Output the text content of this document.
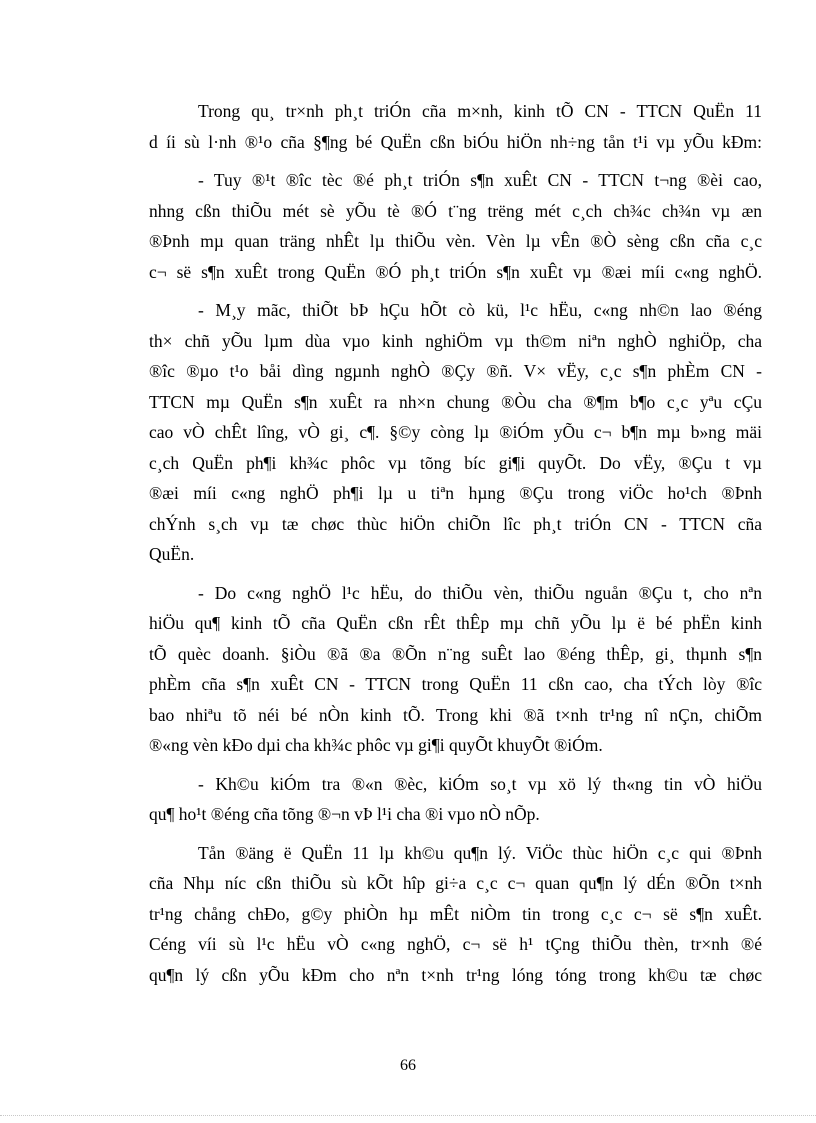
Trong qu¸ tr×nh ph¸t triÓn cña m×nh, kinh tÕ CN - TTCN QuËn 11
d íi sù l·nh ®¹o cña §¶ng bé QuËn cßn biÓu hiÖn nh÷ng tån t¹i vµ yÕu kÐm:
- Tuy ®¹t ®îc tèc ®é ph¸t triÓn s¶n xuÊt CN - TTCN t¬ng ®èi cao,
nhng cßn thiÕu mét sè yÕu tè ®Ó t¨ng trëng mét c¸ch ch¾c ch¾n vµ æn
®Þnh mµ quan träng nhÊt lµ thiÕu vèn. Vèn lµ vÊn ®Ò sèng cßn cña c¸c
c¬ së s¶n xuÊt trong QuËn ®Ó ph¸t triÓn s¶n xuÊt vµ ®æi míi c«ng nghÖ.
- M¸y mãc, thiÕt bÞ hÇu hÕt cò kü, l¹c hËu, c«ng nh©n lao ®éng
th× chñ yÕu lµm dùa vµo kinh nghiÖm vµ th©m niªn nghÒ nghiÖp, cha
®îc ®µo t¹o båi dìng ngµnh nghÒ ®Çy ®ñ. V× vËy, c¸c s¶n phÈm CN -
TTCN mµ QuËn s¶n xuÊt ra nh×n chung ®Òu cha ®¶m b¶o c¸c yªu cÇu
cao vÒ chÊt lîng, vÒ gi¸ c¶. §©y còng lµ ®iÓm yÕu c¬ b¶n mµ b»ng mäi
c¸ch QuËn ph¶i kh¾c phôc vµ tõng bíc gi¶i quyÕt. Do vËy, ®Çu t vµ
®æi míi c«ng nghÖ ph¶i lµ u tiªn hµng ®Çu trong viÖc ho¹ch ®Þnh
chÝnh s¸ch vµ tæ chøc thùc hiÖn chiÕn lîc ph¸t triÓn CN - TTCN cña
QuËn.
- Do c«ng nghÖ l¹c hËu, do thiÕu vèn, thiÕu nguån ®Çu t, cho nªn
hiÖu qu¶ kinh tÕ cña QuËn cßn rÊt thÊp mµ chñ yÕu lµ ë bé phËn kinh
tÕ quèc doanh. §iÒu ®ã ®a ®Õn n¨ng suÊt lao ®éng thÊp, gi¸ thµnh s¶n
phÈm cña s¶n xuÊt CN - TTCN trong QuËn 11 cßn cao, cha tÝch lòy ®îc
bao nhiªu tõ néi bé nÒn kinh tÕ. Trong khi ®ã t×nh tr¹ng nî nÇn, chiÕm
®«ng vèn kÐo dµi cha kh¾c phôc vµ gi¶i quyÕt khuyÕt ®iÓm.
- Kh©u kiÓm tra ®«n ®èc, kiÓm so¸t vµ xö lý th«ng tin vÒ hiÖu
qu¶ ho¹t ®éng cña tõng ®¬n vÞ l¹i cha ®i vµo nÒ nÕp.
Tån ®äng ë QuËn 11 lµ kh©u qu¶n lý. ViÖc thùc hiÖn c¸c qui ®Þnh
cña Nhµ níc cßn thiÕu sù kÕt hîp gi÷a c¸c c¬ quan qu¶n lý dÉn ®Õn t×nh
tr¹ng chång chÐo, g©y phiÒn hµ mÊt niÒm tin trong c¸c c¬ së s¶n xuÊt.
Céng víi sù l¹c hËu vÒ c«ng nghÖ, c¬ së h¹ tÇng thiÕu thèn, tr×nh ®é
qu¶n lý cßn yÕu kÐm cho nªn t×nh tr¹ng lóng tóng trong kh©u tæ chøc
66
